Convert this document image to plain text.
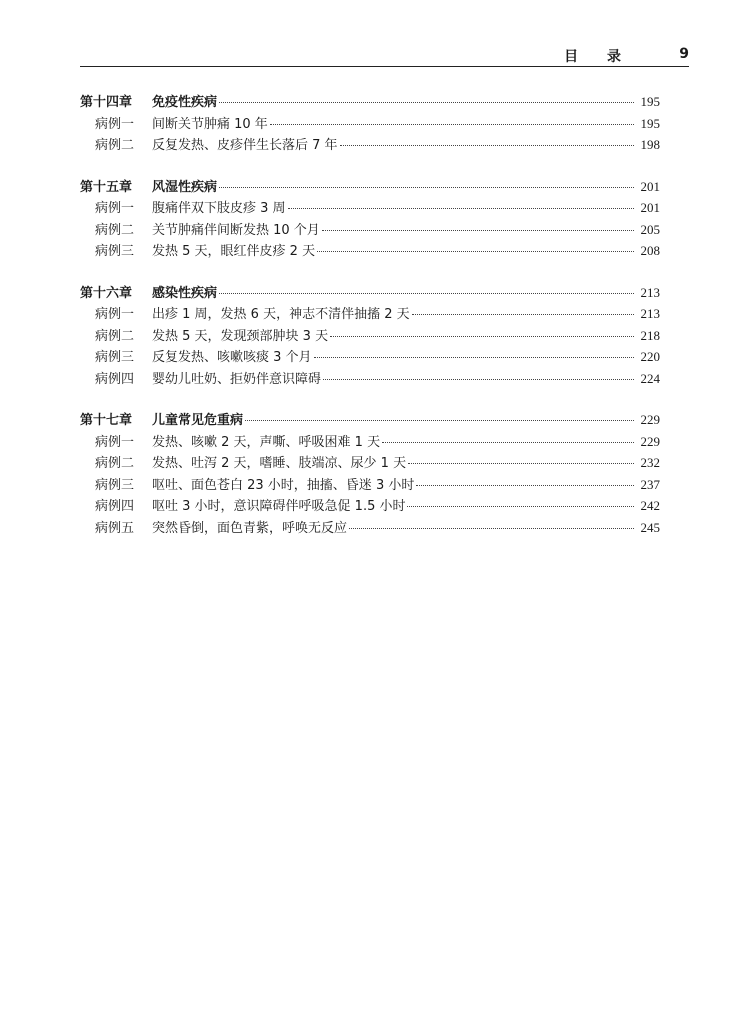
目 录	9
第十四章	免疫性疾病	195
病例一	间断关节肿痛 10 年	195
病例二	反复发热、皮疹伴生长落后 7 年	198
第十五章	风湿性疾病	201
病例一	腹痛伴双下肢皮疹 3 周	201
病例二	关节肿痛伴间断发热 10 个月	205
病例三	发热 5 天，眼红伴皮疹 2 天	208
第十六章	感染性疾病	213
病例一	出疹 1 周，发热 6 天，神志不清伴抽搐 2 天	213
病例二	发热 5 天，发现颈部肿块 3 天	218
病例三	反复发热、咳嗽咳痰 3 个月	220
病例四	婴幼儿吐奶、拒奶伴意识障碍	224
第十七章	儿童常见危重病	229
病例一	发热、咳嗽 2 天，声嘶、呼吸困难 1 天	229
病例二	发热、吐泻 2 天，嗜睡、肢端凉、尿少 1 天	232
病例三	呕吐、面色苍白 23 小时，抽搐、昏迷 3 小时	237
病例四	呕吐 3 小时，意识障碍伴呼吸急促 1.5 小时	242
病例五	突然昏倒，面色青紫，呼唤无反应	245
